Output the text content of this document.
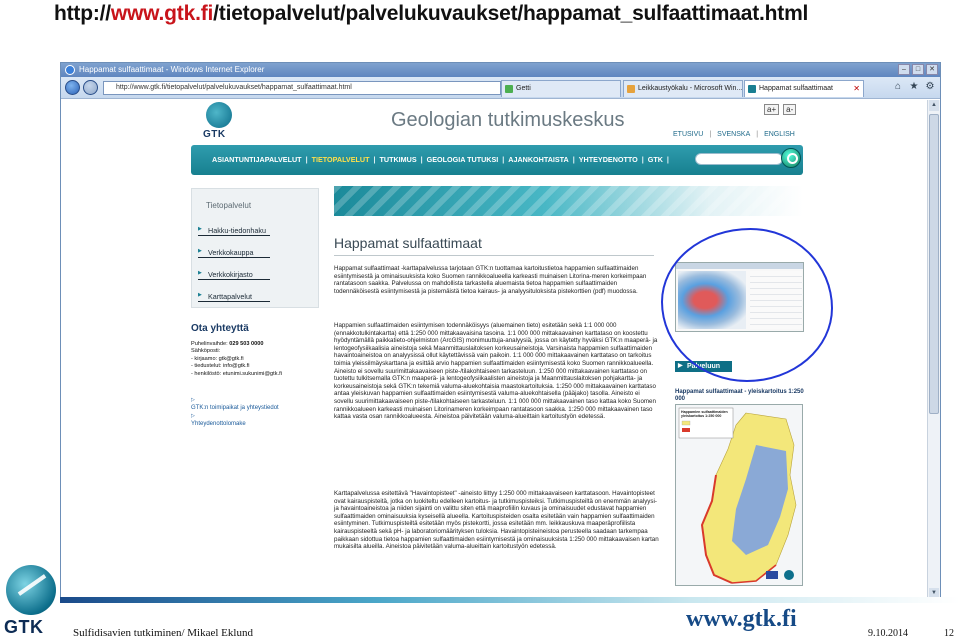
http://www.gtk.fi/tietopalvelut/palvelukuvaukset/happamat_sulfaattimaat.html
Happamat sulfaattimaat - Windows Internet Explorer	–	□	✕
http://www.gtk.fi/tietopalvelut/palvelukuvaukset/happamat_sulfaattimaat.html	Getti	Leikkaustyökalu - Microsoft Win...	Happamat sulfaattimaat	✕	⌂ ★ ⚙
GTK
a+	a-
Geologian tutkimuskeskus
ETUSIVU | SVENSKA | ENGLISH
ASIANTUNTIJAPALVELUT | TIETOPALVELUT | TUTKIMUS | GEOLOGIA TUTUKSI | AJANKOHTAISTA | YHTEYDENOTTO | GTK |
Tietopalvelut
▶ Hakku-tiedonhaku
▶ Verkkokauppa
▶ Verkkokirjasto
▶ Karttapalvelut
Ota yhteyttä
Puhelinvaihde: 029 503 0000
Sähköposti:
- kirjaamo: gtk@gtk.fi
- tiedustelut: info@gtk.fi
- henkilöstö: etunimi.sukunimi@gtk.fi
▷
GTK:n toimipaikat ja yhteystiedot
▷
Yhteydenottolomake
Happamat sulfaattimaat
Happamat sulfaattimaat -karttapalvelussa tarjotaan GTK:n tuottamaa kartoitustietoa happamien sulfaattimaiden esiintymisestä ja ominaisuuksista koko Suomen rannikkoalueella karkeasti muinaisen Litorina-meren korkeimpaan rantatasoon saakka. Palvelussa on mahdollista tarkastella aluemaista tietoa happamien sulfaattimaiden todennäköisestä esiintymisestä ja pistemäistä tietoa kairaus- ja analyysituloksista pistekorttien (pdf) muodossa.
Happamien sulfaattimaiden esiintymisen todennäköisyys (aluemainen tieto) esitetään sekä 1:1 000 000 (ennakkotulkintakartta) että 1:250 000 mittakaavaisina tasoina. 1:1 000 000 mittakaavainen karttataso on koostettu hyödyntämällä paikkatieto-ohjelmiston (ArcGIS) monimuuttuja-analyysiä, jossa on käytetty hyväksi GTK:n maaperä- ja lentogeofysiikaalisia aineistoja sekä Maanmittauslaitoksen korkeusaineistoja. Varsinaista happamien sulfaattimaiden havaintoaineistoa on analyysissä ollut käytettävissä vain paikoin. 1:1 000 000 mittakaavainen karttataso on tarkoitus toimia yleissilmäyskarttana ja esittää arvio happamien sulfaattimaiden esiintymisestä koko Suomen rannikkoalueella. Aineisto ei sovellu suurimittakaavaiseen piste-/tilakohtaiseen tarkasteluun. 1:250 000 mittakaavainen karttataso on tuotettu tulkitsemalla GTK:n maaperä- ja lentogeofysiikaalisten aineistoja ja Maanmittauslaitoksen pohjakartta- ja korkeusaineistoja sekä GTK:n tekemiä valuma-aluekohtaisia maastokartoituksia. 1:250 000 mittakaavainen karttataso antaa yleiskuvan happamien sulfaattimaiden esiintymisestä valuma-aluekohtaisella (pääjako) tasolla. Aineisto ei sovellu suurimittakaavaiseen piste-/tilakohtaiseen tarkasteluun. 1:1 000 000 mittakaavainen taso kattaa koko Suomen rannikkoalueen karkeasti muinaisen Litorinameren korkeimpaan rantatasoon saakka. 1:250 000 mittakaavainen taso kattaa vasta osan rannikkoalueesta. Aineistoa päivitetään valuma-alueittain kartoitustyön edetessä.
Karttapalvelussa esitettävä "Havaintopisteet" -aineisto liittyy 1:250 000 mittakaavaiseen karttatasoon. Havaintopisteet ovat kairauspisteitä, jotka on luokiteltu edelleen kartoitus- ja tutkimuspisteiksi. Tutkimuspisteiltä on enemmän analyysi- ja havaintoaineistoa ja niiden sijainti on valittu siten että maaprofiilin kuvaus ja ominaisuudet edustavat happamien sulfaattimaiden ominaisuuksia kyseisellä alueella. Kartoituspisteiden osalta esitetään vain happamien sulfaattimaiden esiintyminen. Tutkimuspisteiltä esitetään myös pistekortti, jossa esitetään mm. leikkauskuva maaperäprofiilista kairauspisteeltä sekä pH- ja laboratoriomäärityksen tuloksia. Havaintopisteineistoa perusteella saadaan tarkempaa paikkaan sidottua tietoa happamien sulfaattimaiden esiintymisestä ja ominaisuuksista 1:250 000 mittakaavaisen kartan mukaisilta alueilla. Aineistoa päivitetään valuma-alueittain kartoitustyön edetessä.
▶ Palveluun
Happamat sulfaattimaat - yleiskartoitus 1:250 000
Happamien sulfaattimaiden yleiskartoitus 1:250 000
▲
▼
GTK	www.gtk.fi
Sulfidisavien tutkiminen/ Mikael Eklund	9.10.2014	12
